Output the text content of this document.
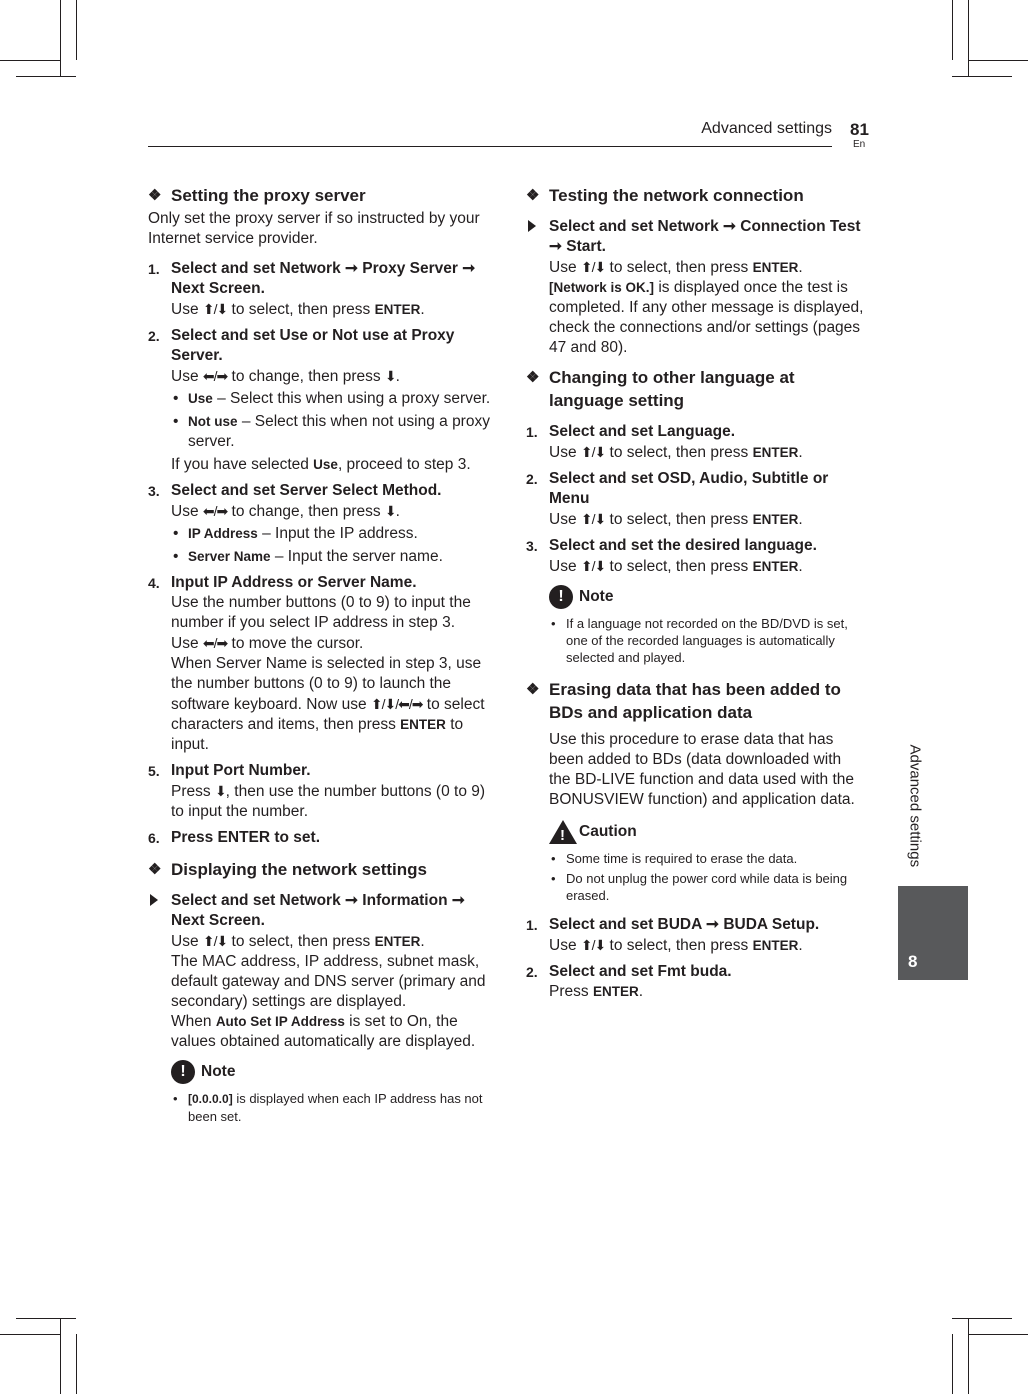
Advanced settings 81
En
Advanced settings
8
❖ Setting the proxy server
Only set the proxy server if so instructed by your Internet service provider.
1. Select and set Network ➞ Proxy Server ➞ Next Screen.
Use ⬆/⬇ to select, then press ENTER.
2. Select and set Use or Not use at Proxy Server.
Use ⬅/➡ to change, then press ⬇.
• Use – Select this when using a proxy server.
• Not use – Select this when not using a proxy server.
If you have selected Use, proceed to step 3.
3. Select and set Server Select Method.
Use ⬅/➡ to change, then press ⬇.
• IP Address – Input the IP address.
• Server Name – Input the server name.
4. Input IP Address or Server Name.
Use the number buttons (0 to 9) to input the number if you select IP address in step 3.
Use ⬅/➡ to move the cursor.
When Server Name is selected in step 3, use the number buttons (0 to 9) to launch the software keyboard. Now use ⬆/⬇/⬅/➡ to select characters and items, then press ENTER to input.
5. Input Port Number.
Press ⬇, then use the number buttons (0 to 9) to input the number.
6. Press ENTER to set.
❖ Displaying the network settings
Select and set Network ➞ Information ➞ Next Screen.
Use ⬆/⬇ to select, then press ENTER.
The MAC address, IP address, subnet mask, default gateway and DNS server (primary and secondary) settings are displayed.
When Auto Set IP Address is set to On, the values obtained automatically are displayed.
! Note
• [0.0.0.0] is displayed when each IP address has not been set.
❖ Testing the network connection
Select and set Network ➞ Connection Test ➞ Start.
Use ⬆/⬇ to select, then press ENTER.
[Network is OK.] is displayed once the test is completed. If any other message is displayed, check the connections and/or settings (pages 47 and 80).
❖ Changing to other language at language setting
1. Select and set Language.
Use ⬆/⬇ to select, then press ENTER.
2. Select and set OSD, Audio, Subtitle or Menu
Use ⬆/⬇ to select, then press ENTER.
3. Select and set the desired language.
Use ⬆/⬇ to select, then press ENTER.
! Note
• If a language not recorded on the BD/DVD is set, one of the recorded languages is automatically selected and played.
❖ Erasing data that has been added to BDs and application data
Use this procedure to erase data that has been added to BDs (data downloaded with the BD-LIVE function and data used with the BONUSVIEW function) and application data.
! Caution
• Some time is required to erase the data.
• Do not unplug the power cord while data is being erased.
1. Select and set BUDA ➞ BUDA Setup.
Use ⬆/⬇ to select, then press ENTER.
2. Select and set Fmt buda.
Press ENTER.
